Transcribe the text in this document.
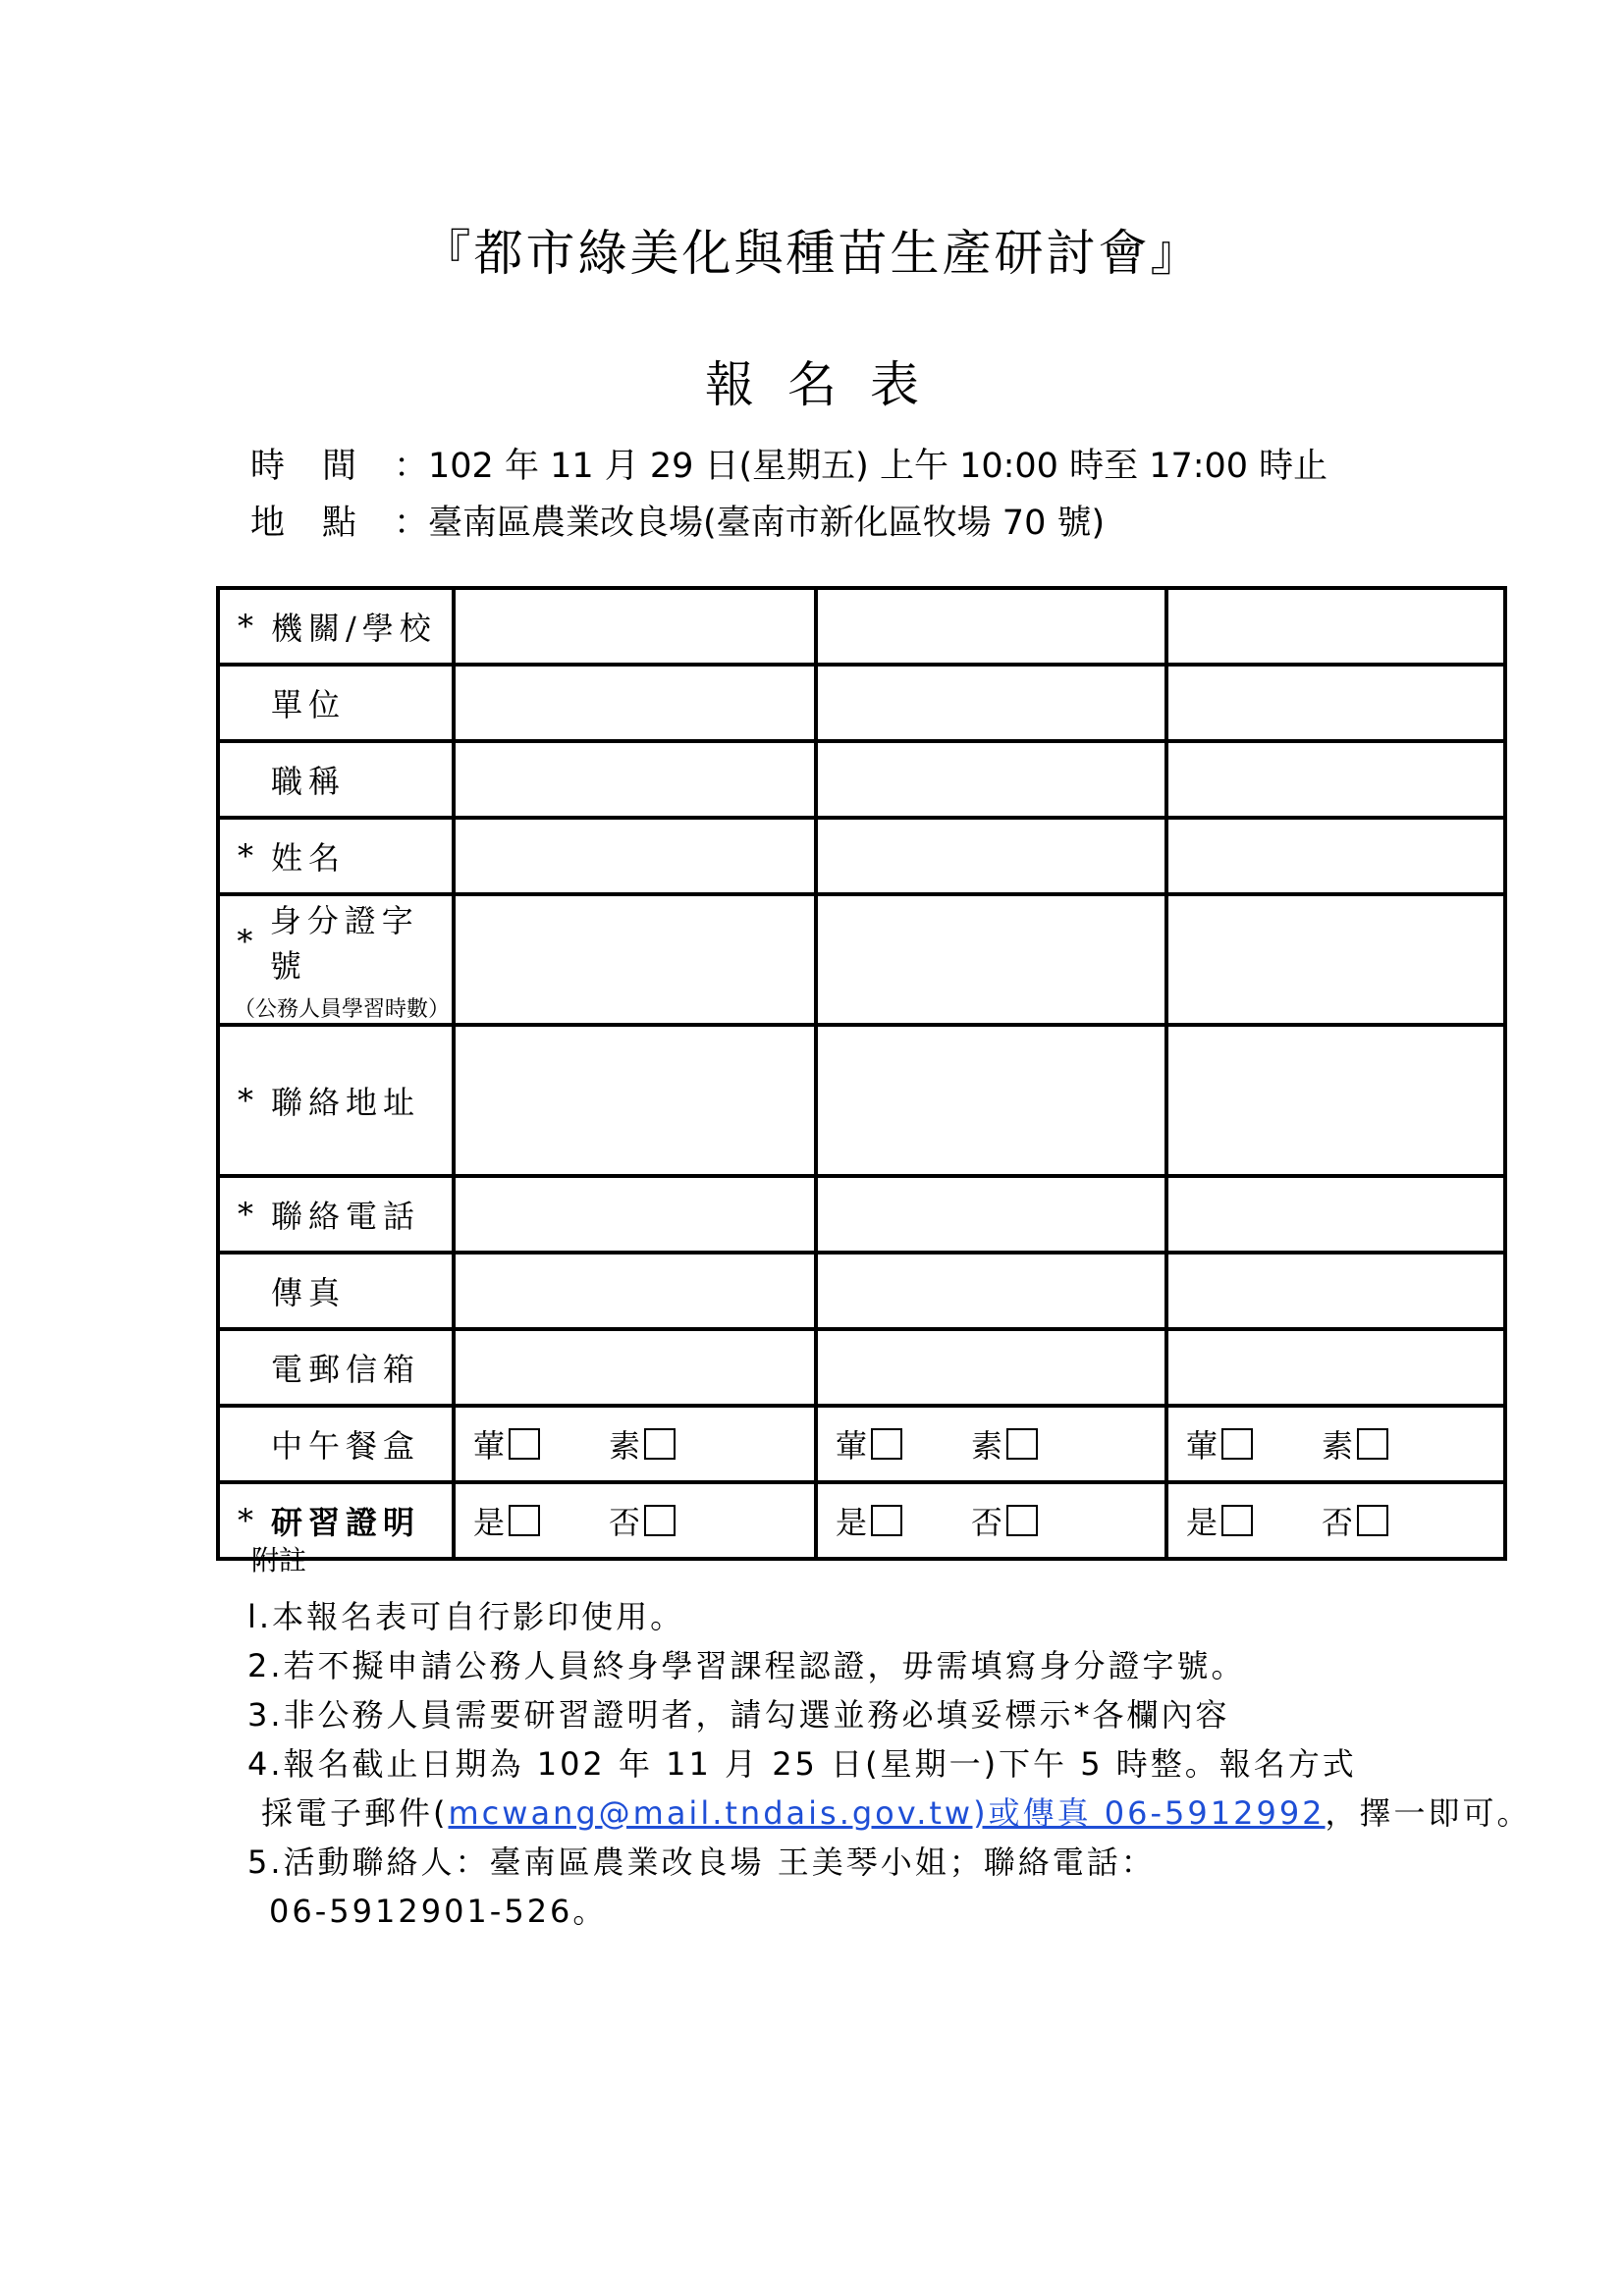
『都市綠美化與種苗生產研討會』
報名表
時間：102 年 11 月 29 日(星期五) 上午 10:00 時至 17:00 時止
地點：臺南區農業改良場(臺南市新化區牧場 70 號)
* 機關/學校			

單位			

職稱			

* 姓名			

*
身分證字號
（公務人員學習時數）			

* 聯絡地址			

* 聯絡電話			

傳真			

電郵信箱			

中午餐盒	葷 素	葷 素	葷 素

* 研習證明	是 否	是 否	是 否
附註
l.本報名表可自行影印使用。
2.若不擬申請公務人員終身學習課程認證，毋需填寫身分證字號。
3.非公務人員需要研習證明者，請勾選並務必填妥標示*各欄內容
4.報名截止日期為 102 年 11 月 25 日(星期一)下午 5 時整。報名方式
採電子郵件(mcwang@mail.tndais.gov.tw)或傳真 06-5912992，擇一即可。
5.活動聯絡人：臺南區農業改良場 王美琴小姐；聯絡電話：
06-5912901-526。
